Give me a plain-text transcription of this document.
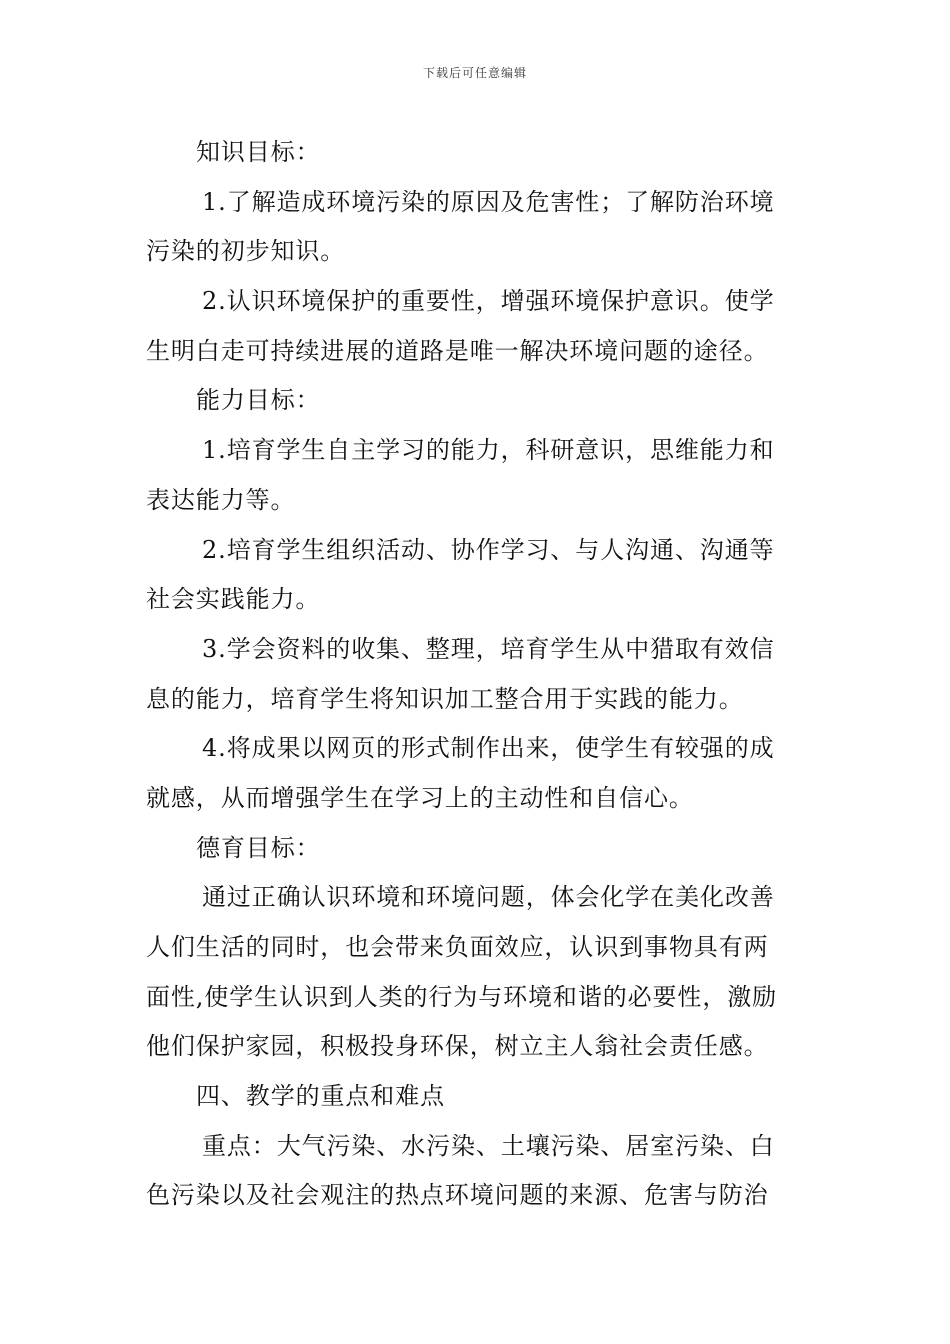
下载后可任意编辑
知识目标：
1.了解造成环境污染的原因及危害性；了解防治环境
污染的初步知识。
2.认识环境保护的重要性，增强环境保护意识。使学
生明白走可持续进展的道路是唯一解决环境问题的途径。
能力目标：
1.培育学生自主学习的能力，科研意识，思维能力和
表达能力等。
2.培育学生组织活动、协作学习、与人沟通、沟通等
社会实践能力。
3.学会资料的收集、整理，培育学生从中猎取有效信
息的能力，培育学生将知识加工整合用于实践的能力。
4.将成果以网页的形式制作出来，使学生有较强的成
就感，从而增强学生在学习上的主动性和自信心。
德育目标：
通过正确认识环境和环境问题，体会化学在美化改善
人们生活的同时，也会带来负面效应，认识到事物具有两
面性,使学生认识到人类的行为与环境和谐的必要性，激励
他们保护家园，积极投身环保，树立主人翁社会责任感。
四、教学的重点和难点
重点：大气污染、水污染、土壤污染、居室污染、白
色污染以及社会观注的热点环境问题的来源、危害与防治
